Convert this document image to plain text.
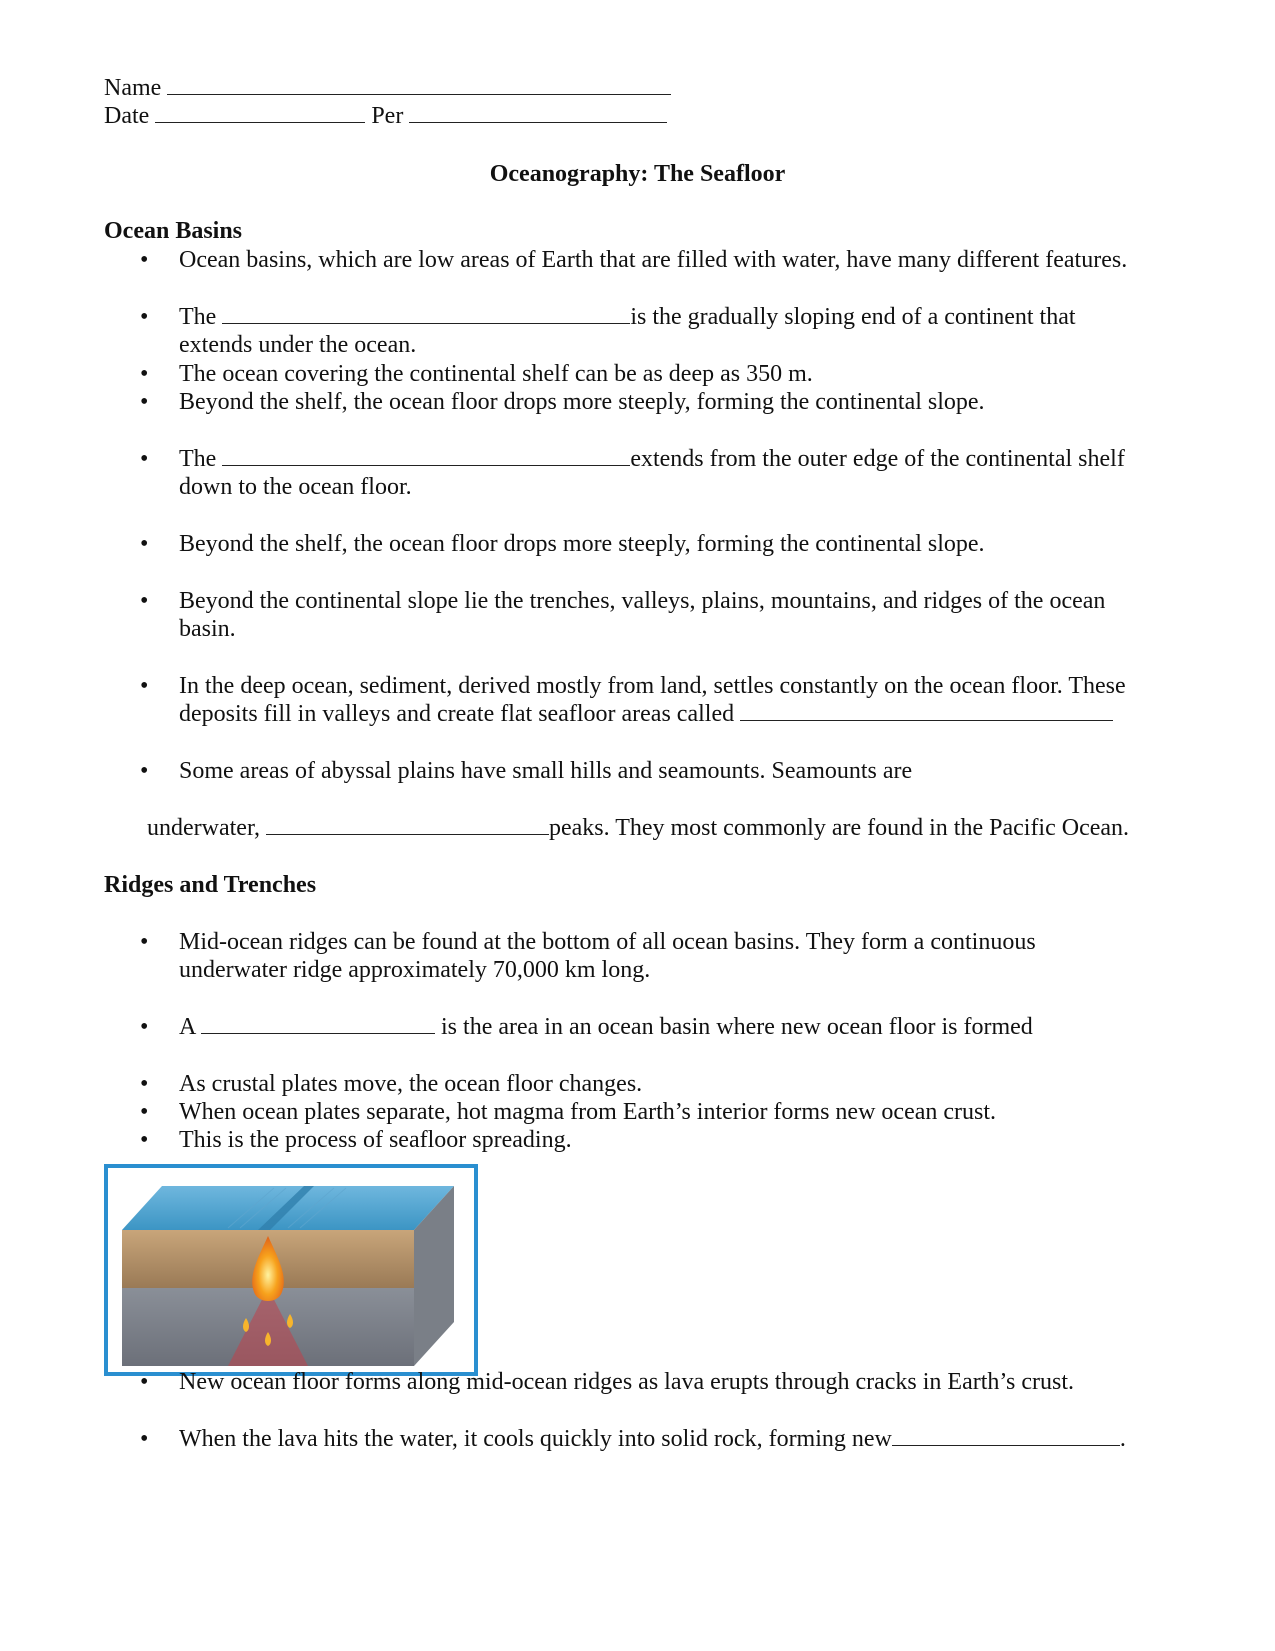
Name
Date	Per
Oceanography: The Seafloor
Ocean Basins
• Ocean basins, which are low areas of Earth that are filled with water, have many different features.
• The	is the gradually sloping end of a continent that
extends under the ocean.
• The ocean covering the continental shelf can be as deep as 350 m.
• Beyond the shelf, the ocean floor drops more steeply, forming the continental slope.
• The	extends from the outer edge of the continental shelf
down to the ocean floor.
• Beyond the shelf, the ocean floor drops more steeply, forming the continental slope.
• Beyond the continental slope lie the trenches, valleys, plains, mountains, and ridges of the ocean
basin.
• In the deep ocean, sediment, derived mostly from land, settles constantly on the ocean floor. These
deposits fill in valleys and create flat seafloor areas called
• Some areas of abyssal plains have small hills and seamounts. Seamounts are
underwater,	peaks. They most commonly are found in the Pacific Ocean.
Ridges and Trenches
• Mid-ocean ridges can be found at the bottom of all ocean basins. They form a continuous
underwater ridge approximately 70,000 km long.
• A	is the area in an ocean basin where new ocean floor is formed
• As crustal plates move, the ocean floor changes.
• When ocean plates separate, hot magma from Earth’s interior forms new ocean crust.
• This is the process of seafloor spreading.
• New ocean floor forms along mid-ocean ridges as lava erupts through cracks in Earth’s crust.
• When the lava hits the water, it cools quickly into solid rock, forming new	.
